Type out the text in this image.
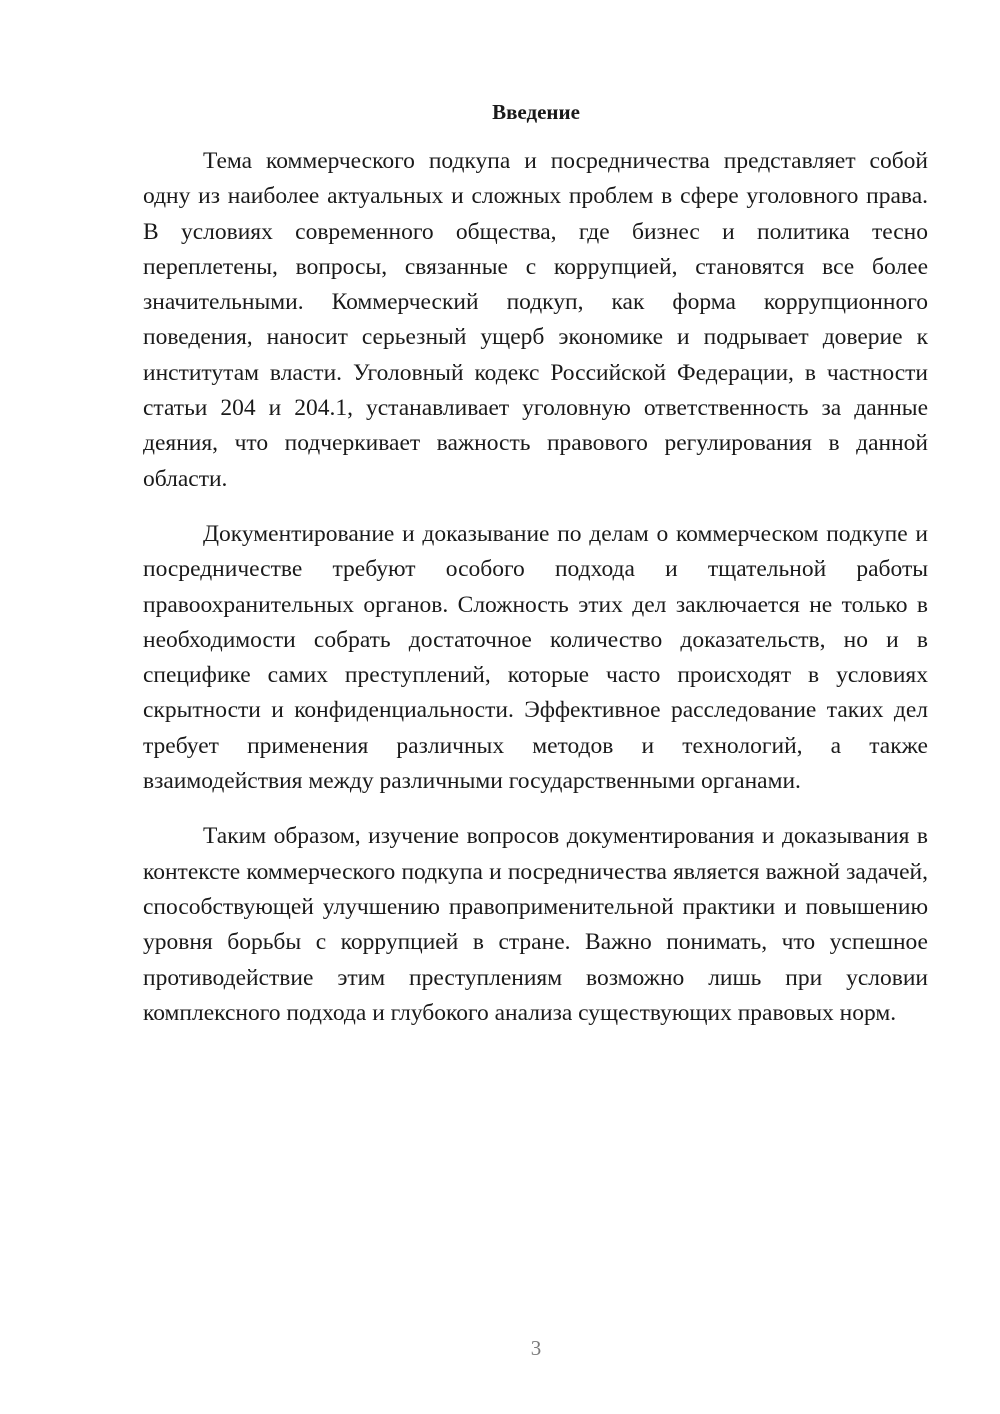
Введение

Тема коммерческого подкупа и посредничества представляет собой одну из наиболее актуальных и сложных проблем в сфере уголовного права. В условиях современного общества, где бизнес и политика тесно переплетены, вопросы, связанные с коррупцией, становятся все более значительными. Коммерческий подкуп, как форма коррупционного поведения, наносит серьезный ущерб экономике и подрывает доверие к институтам власти. Уголовный кодекс Российской Федерации, в частности статьи 204 и 204.1, устанавливает уголовную ответственность за данные деяния, что подчеркивает важность правового регулирования в данной области.

Документирование и доказывание по делам о коммерческом подкупе и посредничестве требуют особого подхода и тщательной работы правоохранительных органов. Сложность этих дел заключается не только в необходимости собрать достаточное количество доказательств, но и в специфике самих преступлений, которые часто происходят в условиях скрытности и конфиденциальности. Эффективное расследование таких дел требует применения различных методов и технологий, а также взаимодействия между различными государственными органами.

Таким образом, изучение вопросов документирования и доказывания в контексте коммерческого подкупа и посредничества является важной задачей, способствующей улучшению правоприменительной практики и повышению уровня борьбы с коррупцией в стране. Важно понимать, что успешное противодействие этим преступлениям возможно лишь при условии комплексного подхода и глубокого анализа существующих правовых норм.

3
